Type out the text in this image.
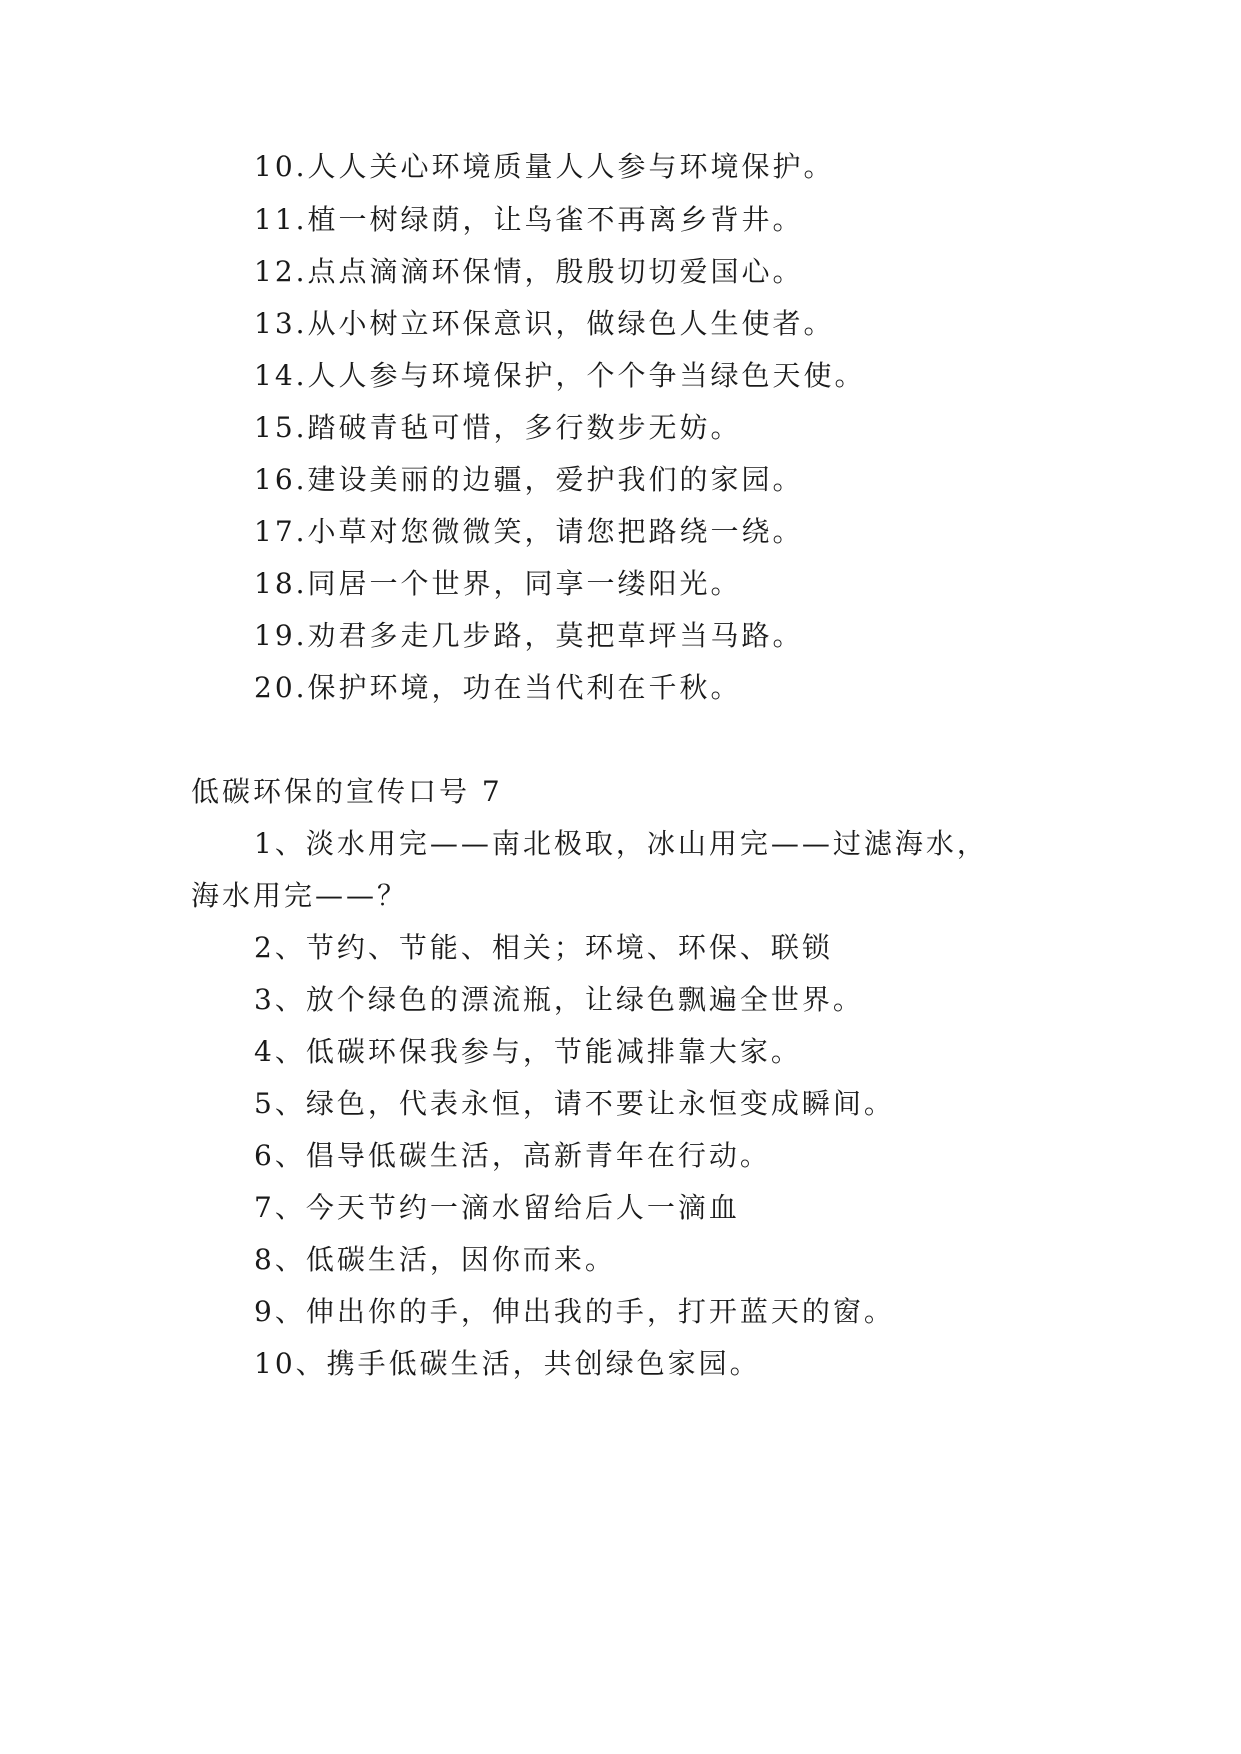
10.人人关心环境质量人人参与环境保护。
11.植一树绿荫，让鸟雀不再离乡背井。
12.点点滴滴环保情，殷殷切切爱国心。
13.从小树立环保意识，做绿色人生使者。
14.人人参与环境保护，个个争当绿色天使。
15.踏破青毡可惜，多行数步无妨。
16.建设美丽的边疆，爱护我们的家园。
17.小草对您微微笑，请您把路绕一绕。
18.同居一个世界，同享一缕阳光。
19.劝君多走几步路，莫把草坪当马路。
20.保护环境，功在当代利在千秋。
低碳环保的宣传口号 7
1、淡水用完——南北极取，冰山用完——过滤海水，
海水用完——？
2、节约、节能、相关；环境、环保、联锁
3、放个绿色的漂流瓶，让绿色飘遍全世界。
4、低碳环保我参与，节能减排靠大家。
5、绿色，代表永恒，请不要让永恒变成瞬间。
6、倡导低碳生活，高新青年在行动。
7、今天节约一滴水留给后人一滴血
8、低碳生活，因你而来。
9、伸出你的手，伸出我的手，打开蓝天的窗。
10、携手低碳生活，共创绿色家园。
